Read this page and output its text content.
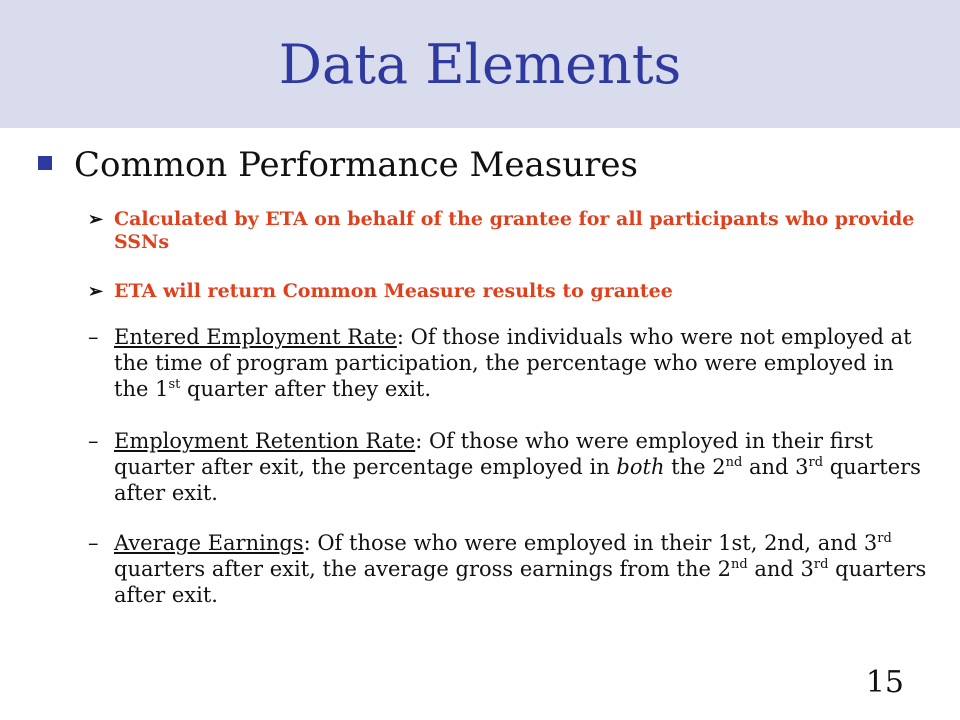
Data Elements
Common Performance Measures
➢ Calculated by ETA on behalf of the grantee for all participants who provide SSNs
➢ ETA will return Common Measure results to grantee
– Entered Employment Rate: Of those individuals who were not employed at the time of program participation, the percentage who were employed in the 1st quarter after they exit.
– Employment Retention Rate: Of those who were employed in their first quarter after exit, the percentage employed in both the 2nd and 3rd quarters after exit.
– Average Earnings: Of those who were employed in their 1st, 2nd, and 3rd quarters after exit, the average gross earnings from the 2nd and 3rd quarters after exit.
15
